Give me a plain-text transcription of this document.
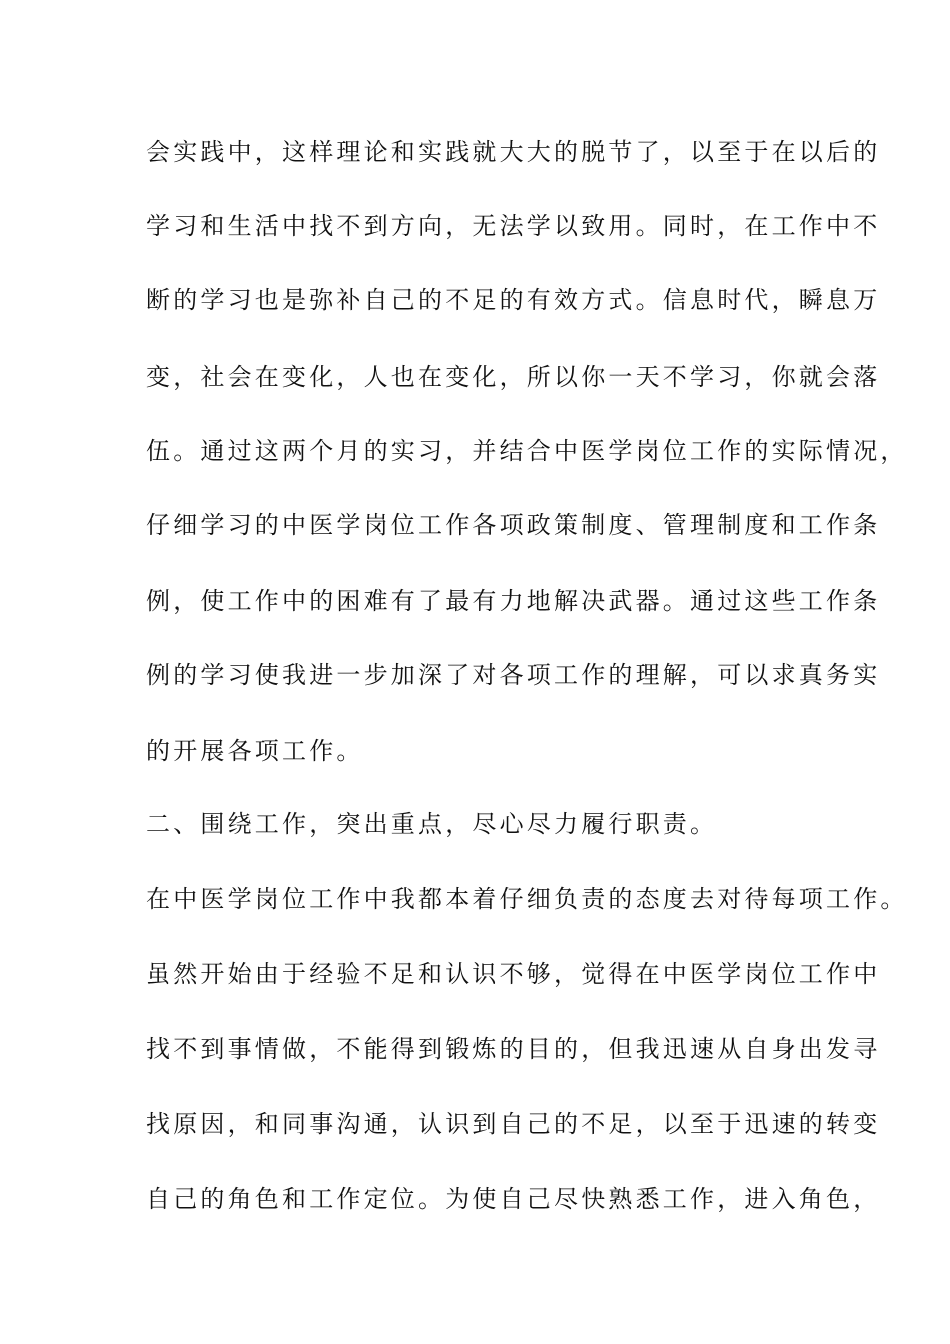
会实践中，这样理论和实践就大大的脱节了，以至于在以后的
学习和生活中找不到方向，无法学以致用。同时，在工作中不
断的学习也是弥补自己的不足的有效方式。信息时代，瞬息万
变，社会在变化，人也在变化，所以你一天不学习，你就会落
伍。通过这两个月的实习，并结合中医学岗位工作的实际情况，
仔细学习的中医学岗位工作各项政策制度、管理制度和工作条
例，使工作中的困难有了最有力地解决武器。通过这些工作条
例的学习使我进一步加深了对各项工作的理解，可以求真务实
的开展各项工作。
二、围绕工作，突出重点，尽心尽力履行职责。
在中医学岗位工作中我都本着仔细负责的态度去对待每项工作。
虽然开始由于经验不足和认识不够，觉得在中医学岗位工作中
找不到事情做，不能得到锻炼的目的，但我迅速从自身出发寻
找原因，和同事沟通，认识到自己的不足，以至于迅速的转变
自己的角色和工作定位。为使自己尽快熟悉工作，进入角色，
